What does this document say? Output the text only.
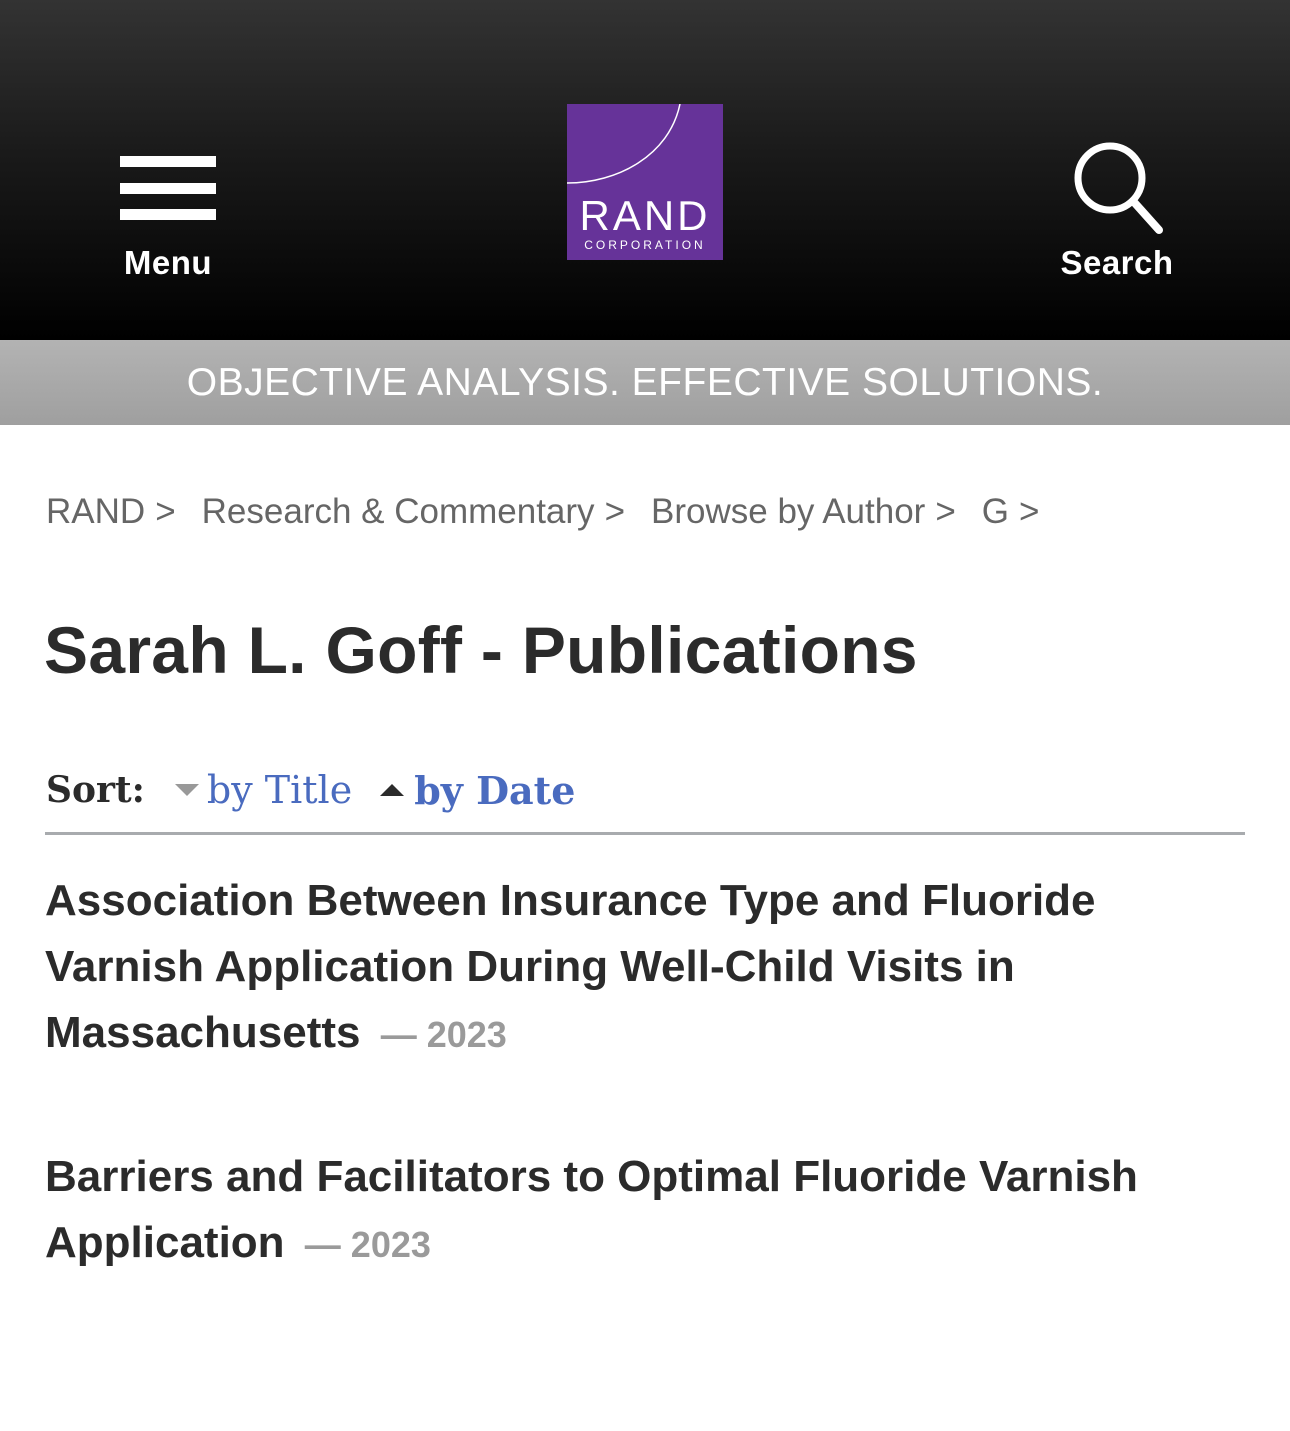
Menu
RAND
CORPORATION	Search
OBJECTIVE ANALYSIS. EFFECTIVE SOLUTIONS.
RAND > Research & Commentary > Browse by Author > G >
Sarah L. Goff - Publications
Sort: by Title by Date
Association Between Insurance Type and Fluoride Varnish Application During Well-Child Visits in Massachusetts — 2023
Barriers and Facilitators to Optimal Fluoride Varnish Application — 2023
